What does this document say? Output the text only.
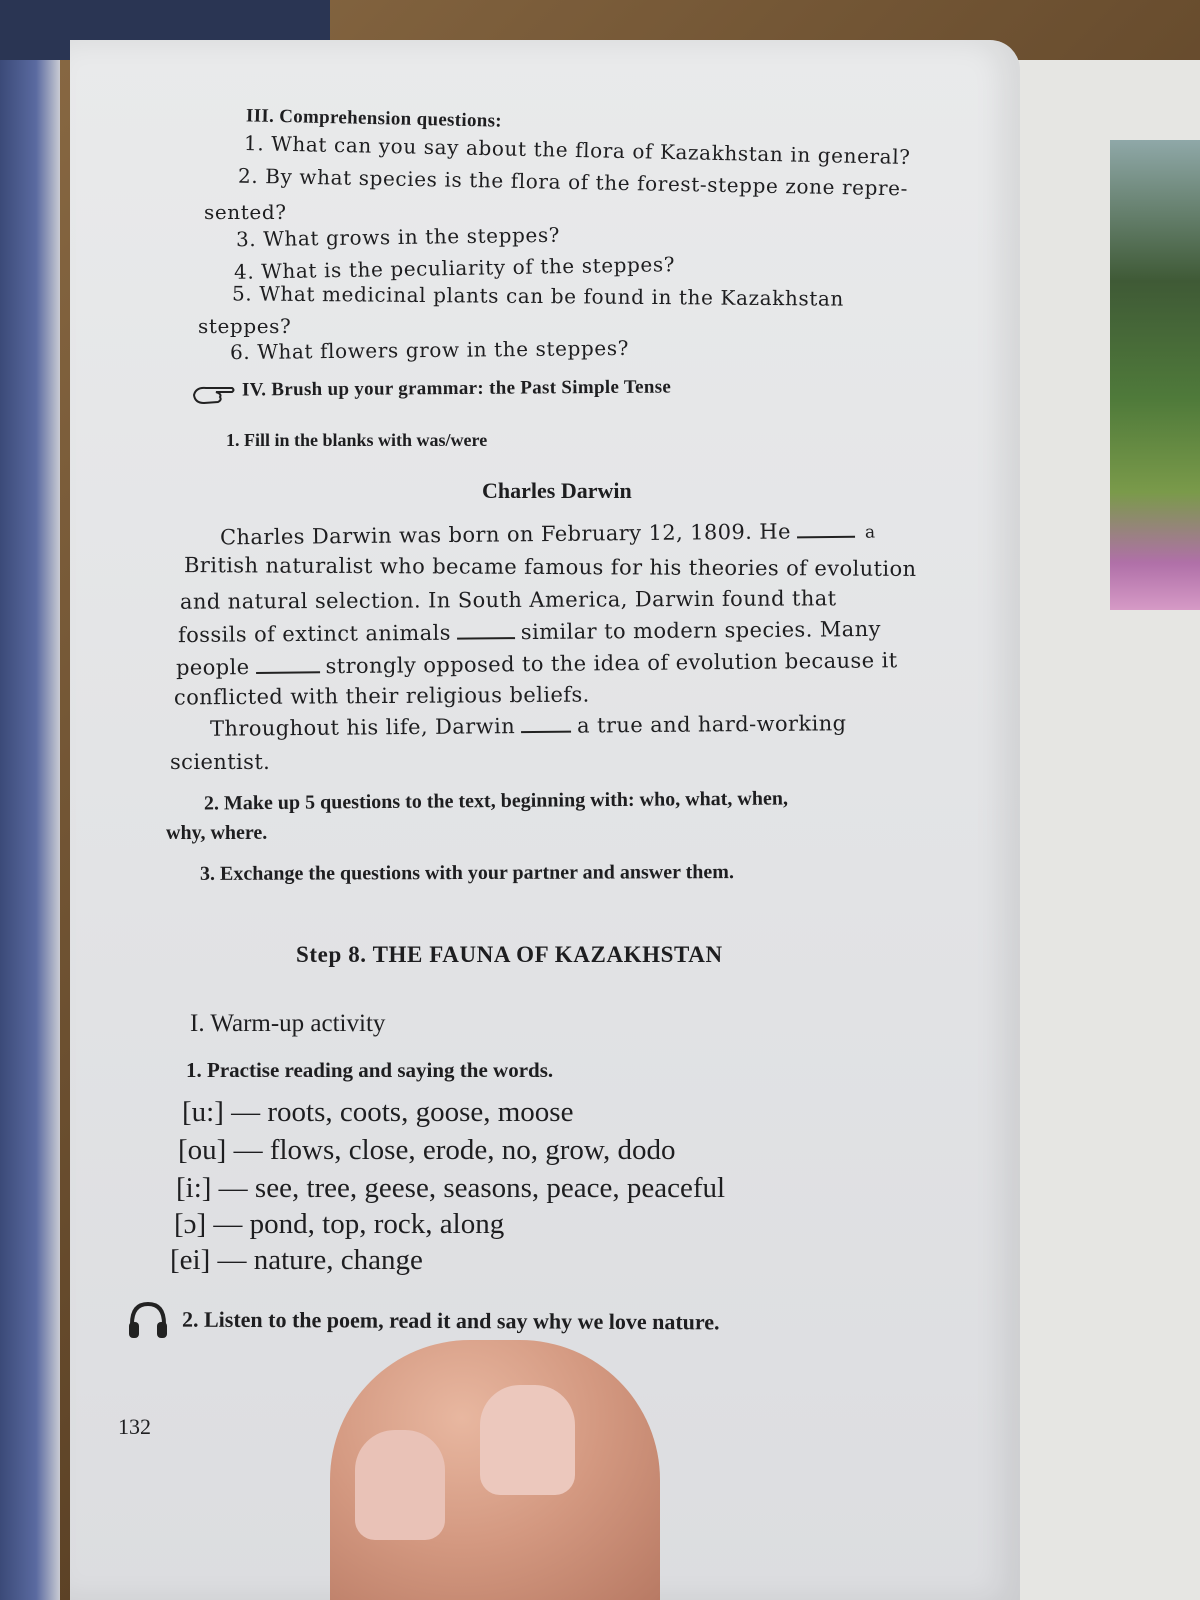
III. Comprehension questions:
1. What can you say about the flora of Kazakhstan in general?
2. By what species is the flora of the forest-steppe zone repre-
sented?
3. What grows in the steppes?
4. What is the peculiarity of the steppes?
5. What medicinal plants can be found in the Kazakhstan
steppes?
6. What flowers grow in the steppes?
IV. Brush up your grammar: the Past Simple Tense
1. Fill in the blanks with was/were
Charles Darwin
Charles Darwin was born on February 12, 1809. He	a
British naturalist who became famous for his theories of evolution
and natural selection. In South America, Darwin found that
fossils of extinct animals	similar to modern species. Many
people	strongly opposed to the idea of evolution because it
conflicted with their religious beliefs.
Throughout his life, Darwin	a true and hard-working
scientist.
2. Make up 5 questions to the text, beginning with: who, what, when,
why, where.
3. Exchange the questions with your partner and answer them.
Step 8. THE FAUNA OF KAZAKHSTAN
I. Warm-up activity
1. Practise reading and saying the words.
[u:] — roots, coots, goose, moose
[ou] — flows, close, erode, no, grow, dodo
[i:] — see, tree, geese, seasons, peace, peaceful
[ɔ] — pond, top, rock, along
[ei] — nature, change
2. Listen to the poem, read it and say why we love nature.
132
